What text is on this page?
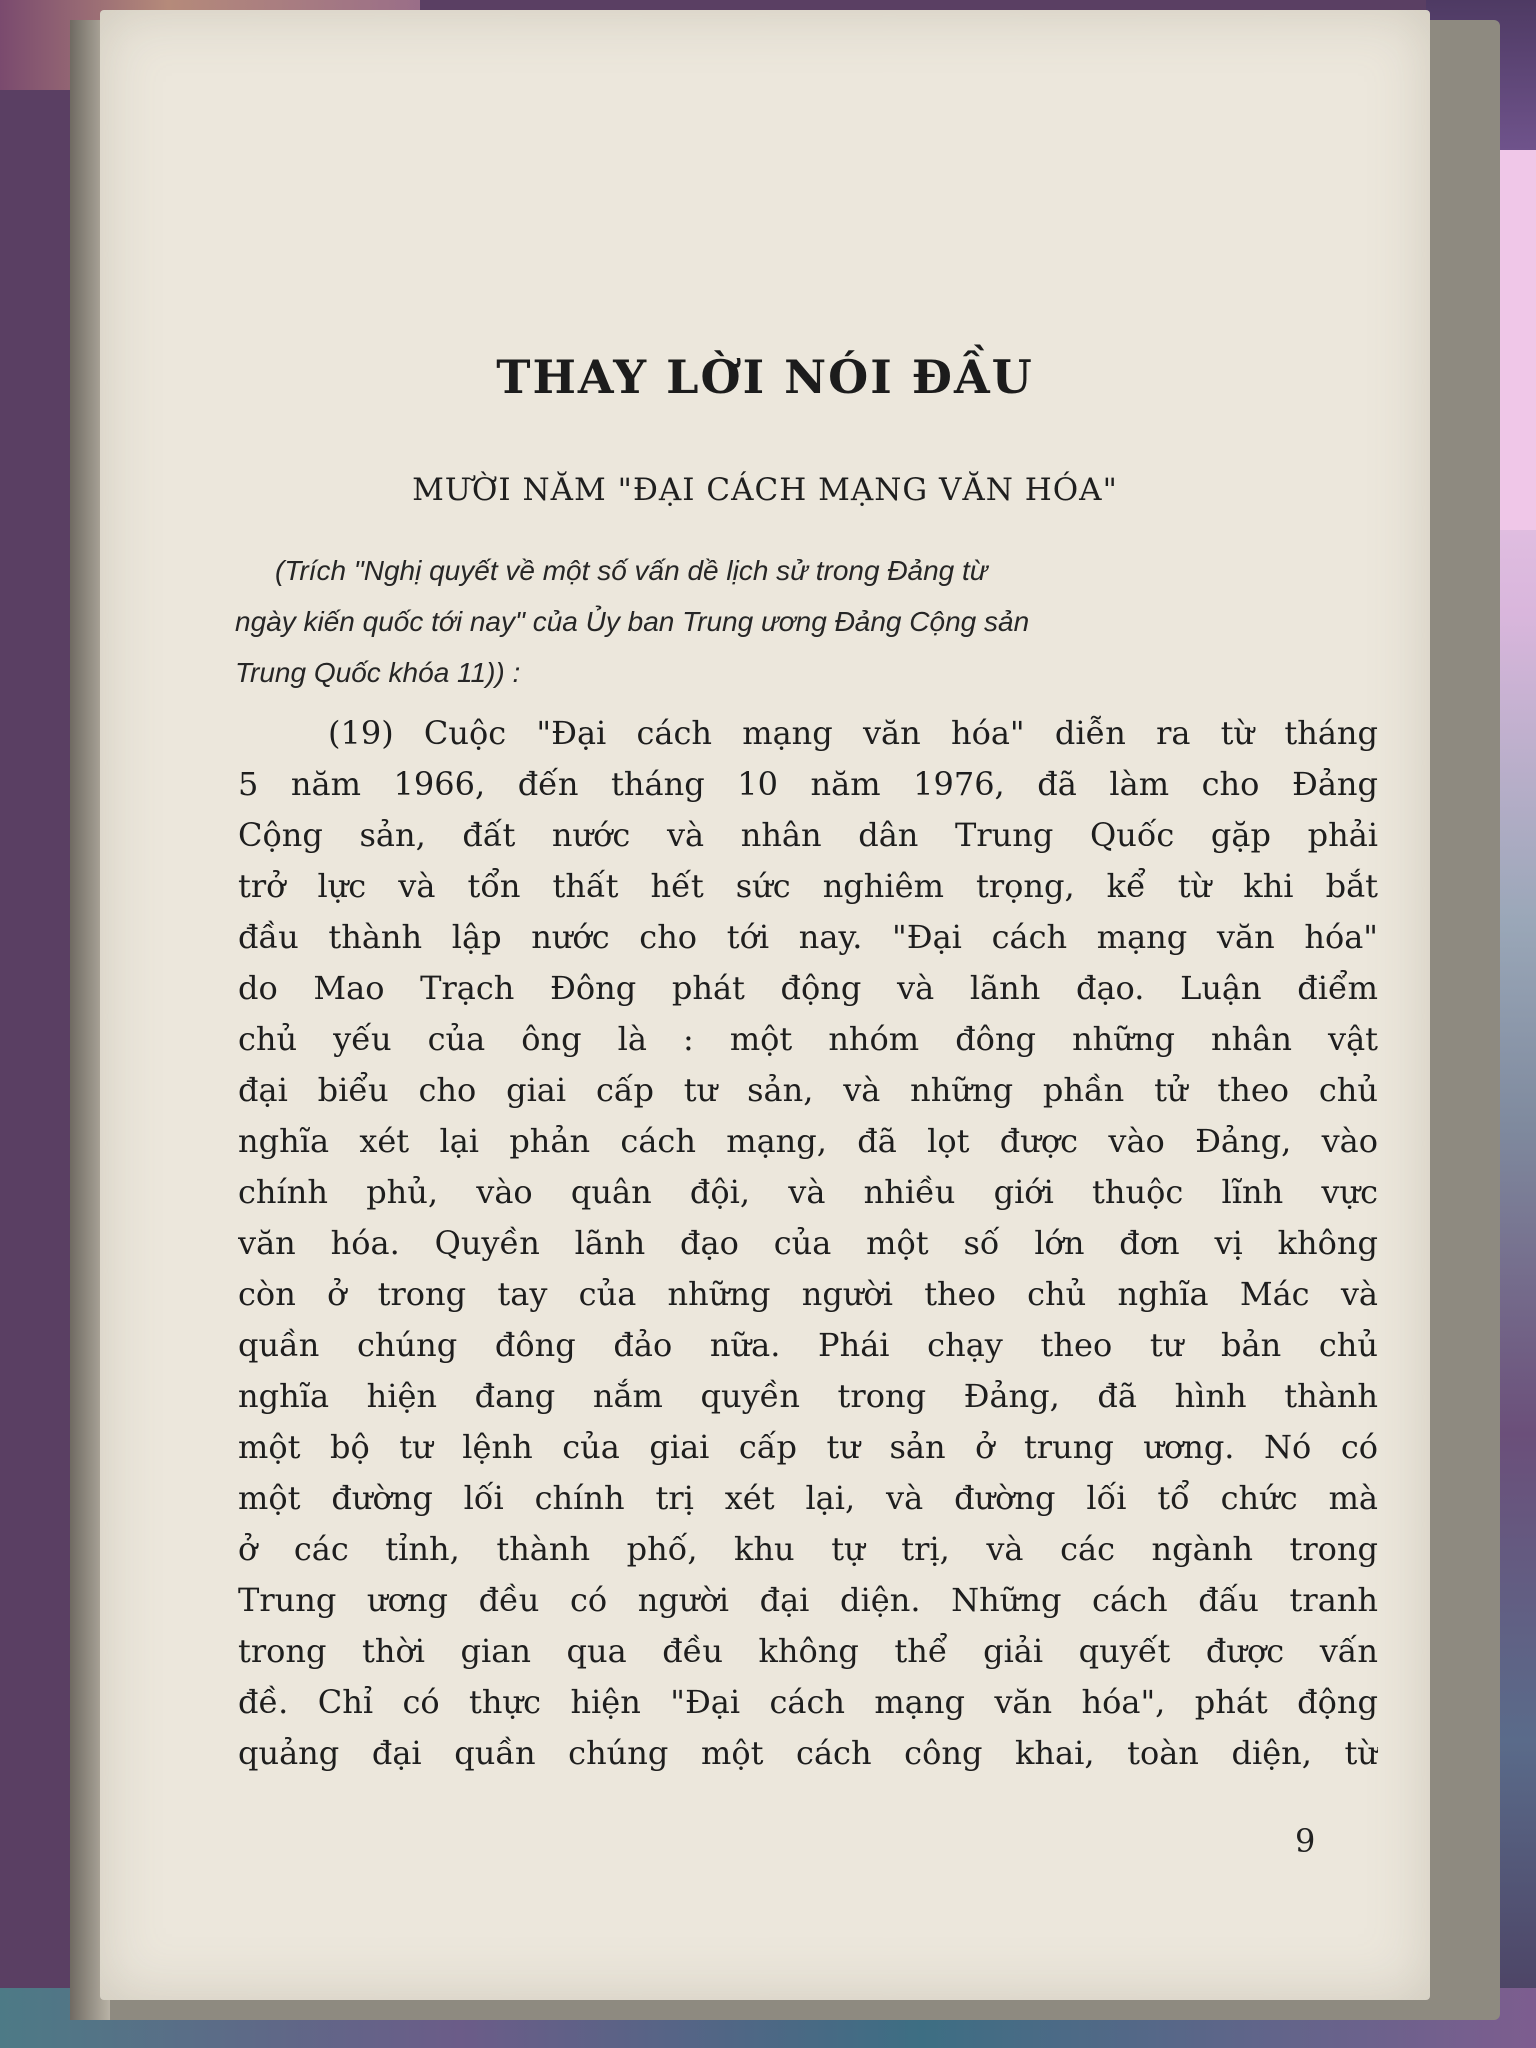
THAY LỜI NÓI ĐẦU
MƯỜI NĂM "ĐẠI CÁCH MẠNG VĂN HÓA"
(Trích "Nghị quyết về một số vấn dề lịch sử trong Đảng từ
ngày kiến quốc tới nay" của Ủy ban Trung ương Đảng Cộng sản
Trung Quốc khóa 11)) :
(19) Cuộc "Đại cách mạng văn hóa" diễn ra từ tháng
5 năm 1966, đến tháng 10 năm 1976, đã làm cho Đảng
Cộng sản, đất nước và nhân dân Trung Quốc gặp phải
trở lực và tổn thất hết sức nghiêm trọng, kể từ khi bắt
đầu thành lập nước cho tới nay. "Đại cách mạng văn hóa"
do Mao Trạch Đông phát động và lãnh đạo. Luận điểm
chủ yếu của ông là : một nhóm đông những nhân vật
đại biểu cho giai cấp tư sản, và những phần tử theo chủ
nghĩa xét lại phản cách mạng, đã lọt được vào Đảng, vào
chính phủ, vào quân đội, và nhiều giới thuộc lĩnh vực
văn hóa. Quyền lãnh đạo của một số lớn đơn vị không
còn ở trong tay của những người theo chủ nghĩa Mác và
quần chúng đông đảo nữa. Phái chạy theo tư bản chủ
nghĩa hiện đang nắm quyền trong Đảng, đã hình thành
một bộ tư lệnh của giai cấp tư sản ở trung ương. Nó có
một đường lối chính trị xét lại, và đường lối tổ chức mà
ở các tỉnh, thành phố, khu tự trị, và các ngành trong
Trung ương đều có người đại diện. Những cách đấu tranh
trong thời gian qua đều không thể giải quyết được vấn
đề. Chỉ có thực hiện "Đại cách mạng văn hóa", phát động
quảng đại quần chúng một cách công khai, toàn diện, từ
9
